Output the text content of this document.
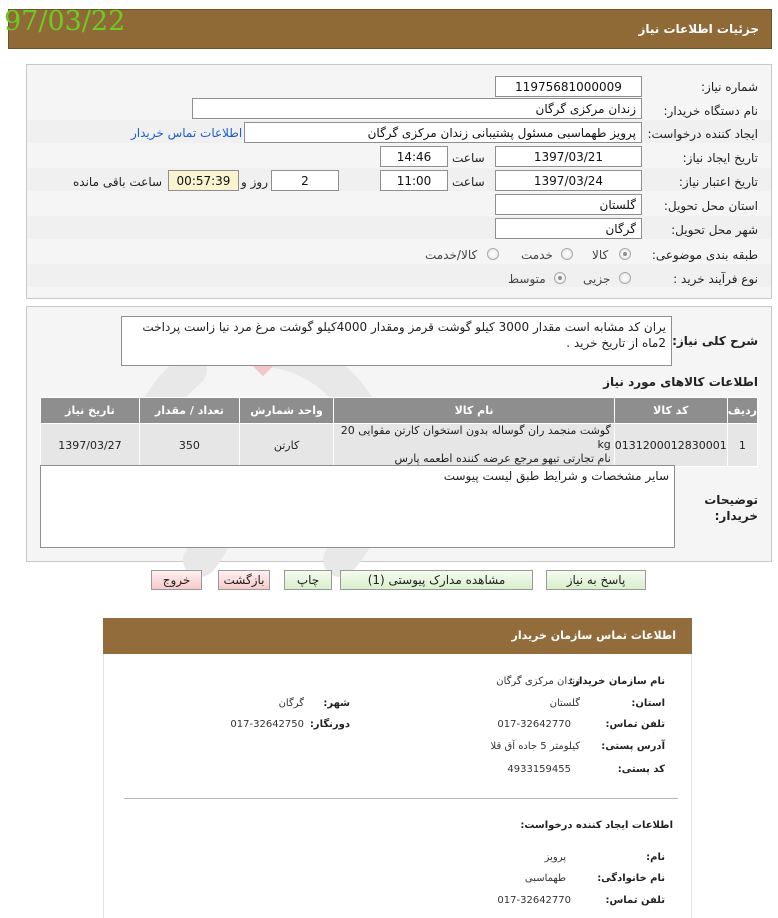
جزئیات اطلاعات نیاز
97/03/22
شماره نیاز:
11975681000009
نام دستگاه خریدار:
زندان مرکزی گرگان
ایجاد کننده درخواست:
پرویز طهماسبی مسئول پشتیبانی زندان مرکزی گرگان
اطلاعات تماس خریدار
تاریخ ایجاد نیاز:
1397/03/21
ساعت
14:46
تاریخ اعتبار نیاز:
1397/03/24
ساعت
11:00
2
روز و
00:57:39
ساعت باقی مانده
استان محل تحویل:
گلستان
شهر محل تحویل:
گرگان
طبقه بندی موضوعی:
کالا
خدمت
کالا/خدمت
نوع فرآیند خرید :
جزیی
متوسط
شرح کلی نیاز:
یران کد مشابه است مقدار 3000 کیلو گوشت قرمز ومقدار 4000کیلو گوشت مرغ مرد نیا زاست پرداخت 2ماه از تاریخ خرید .
اطلاعات کالاهای مورد نیاز
ردیف	کد کالا	نام کالا	واحد شمارش	تعداد / مقدار	تاریخ نیاز
1	0131200012830001	گوشت منجمد ران گوساله بدون استخوان کارتن مقوایی 20 kg
نام تجارتی تیهو مرجع عرضه کننده اطعمه پارس	کارتن	350	1397/03/27
توضیحات خریدار:
سایر مشخصات و شرایط طبق لیست پیوست
پاسخ به نیاز
مشاهده مدارک پیوستی (1)
چاپ
بازگشت
خروج
اطلاعات تماس سازمان خریدار
نام سازمان خریدار:
زندان مرکزی گرگان
استان:
گلستان
شهر:
گرگان
تلفن تماس:
017-32642770
دورنگار:
017-32642750
آدرس پستی:
کیلومتر 5 جاده آق قلا
کد پستی:
4933159455
اطلاعات ایجاد کننده درخواست:
نام:
پرویز
نام خانوادگی:
طهماسبی
تلفن تماس:
017-32642770
